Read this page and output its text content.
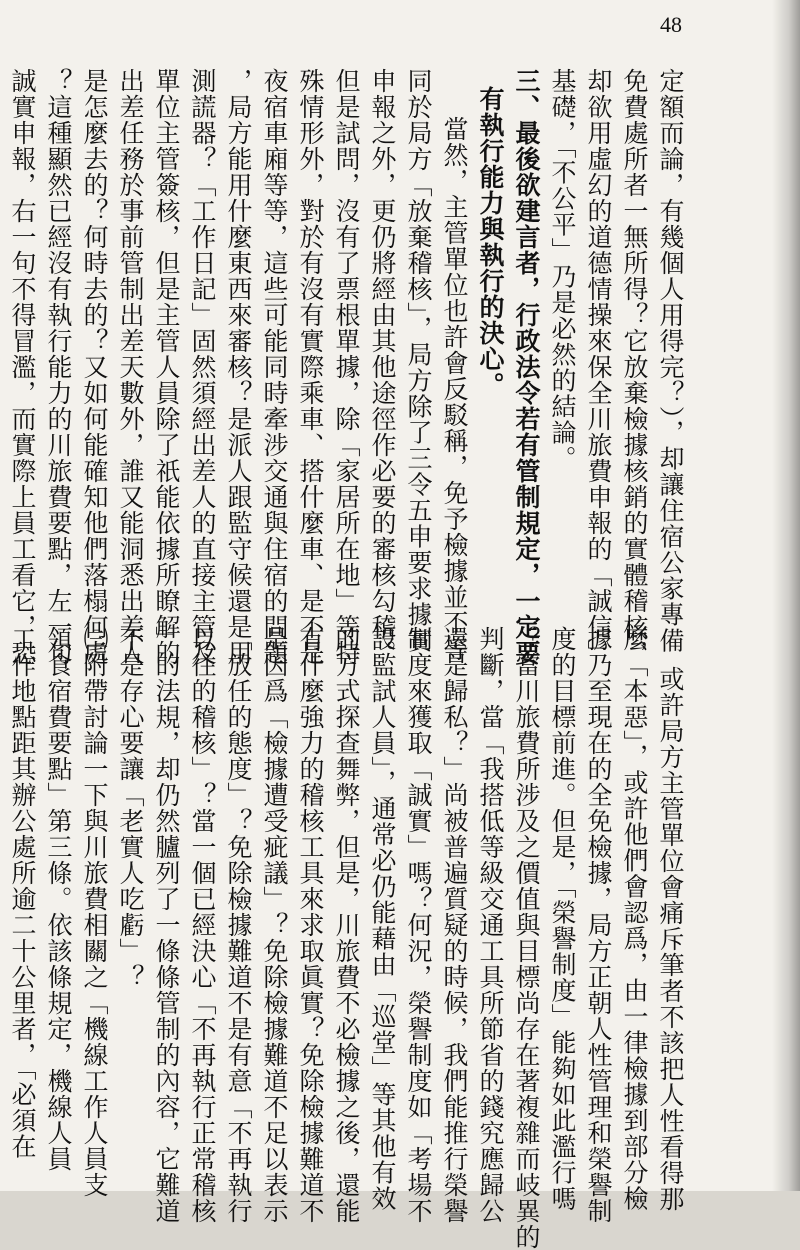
48
定額而論，有幾個人用得完？），却讓住宿公家專備
免費處所者一無所得？它放棄檢據核銷的實體稽核，
却欲用虛幻的道德情操來保全川旅費申報的「誠信」
基礎，「不公平」乃是必然的結論。
三、最後欲建言者，行政法令若有管制規定，一定要
有執行能力與執行的決心。
當然，主管單位也許會反駁稱，免予檢據並不等
同於局方「放棄稽核」，局方除了三令五申要求據實
申報之外，更仍將經由其他途徑作必要的審核勾稽。
但是試問，沒有了票根單據，除「家居所在地」等特
殊情形外，對於有沒有實際乘車、搭什麼車、是不是
夜宿車廂等等，這些可能同時牽涉交通與住宿的問題
，局方能用什麼東西來審核？是派人跟監守候還是用
測謊器？「工作日記」固然須經出差人的直接主管及
單位主管簽核，但是主管人員除了祇能依據所瞭解的
出差任務於事前管制出差天數外，誰又能洞悉出差人
是怎麼去的？何時去的？又如何能確知他們落榻何處
？這種顯然已經沒有執行能力的川旅費要點，左一句
誠實申報，右一句不得冒濫，而實際上員工看它，恐
或許局方主管單位會痛斥筆者不該把人性看得那
麼「本惡」，或許他們會認爲，由一律檢據到部分檢
據乃至現在的全免檢據，局方正朝人性管理和榮譽制
度的目標前進。但是，「榮譽制度」能夠如此濫行嗎
？當川旅費所涉及之價值與目標尚存在著複雜而岐異的
判斷，當「我搭低等級交通工具所節省的錢究應歸公
還是歸私？」尚被普遍質疑的時候，我們能推行榮譽
制度來獲取「誠實」嗎？何況，榮譽制度如「考場不
設監試人員」，通常必仍能藉由「巡堂」等其他有效
的方式探查舞弊，但是，川旅費不必檢據之後，還能
有什麼強力的稽核工具來求取眞實？免除檢據難道不
是因爲「檢據遭受疵議」？免除檢據難道不足以表示
「放任的態度」？免除檢據難道不是有意「不再執行
以往的稽核」？當一個已經決心「不再執行正常稽核
」的法規，却仍然臚列了一條條管制的內容，它難道
不是存心要讓「老實人吃虧」？
㈢附帶討論一下與川旅費相關之「機線工作人員支
領食宿費要點」第三條。依該條規定，機線人員
工作地點距其辦公處所逾二十公里者，「必須在
